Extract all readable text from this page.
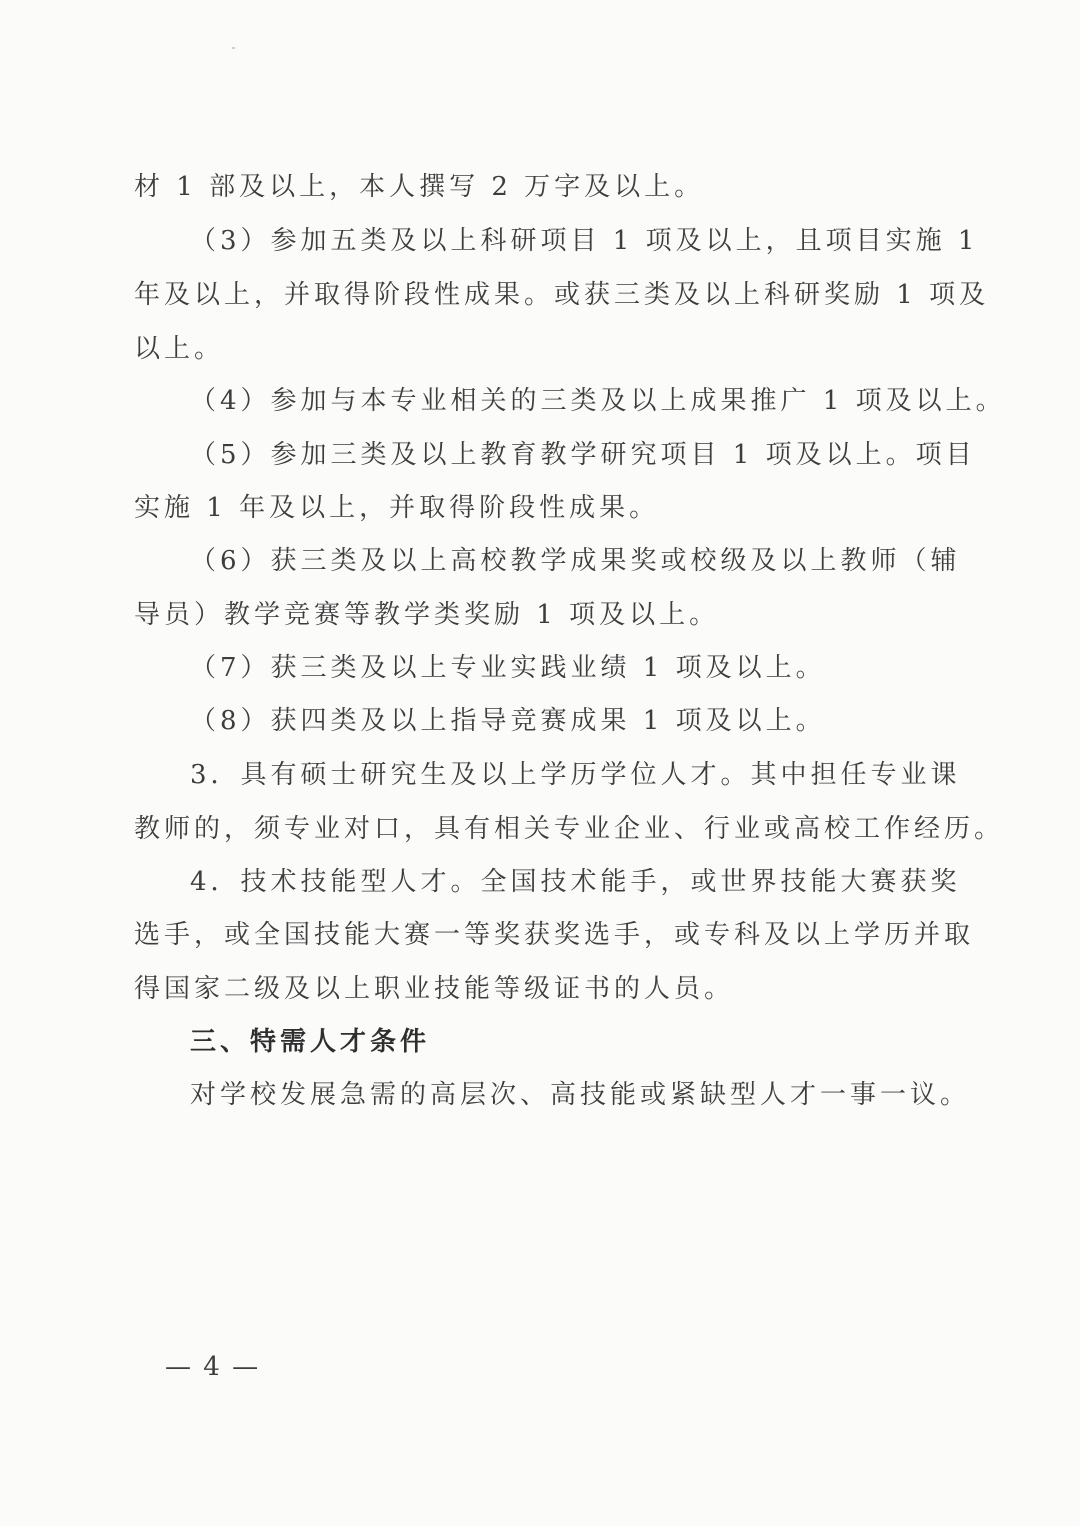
材 1 部及以上，本人撰写 2 万字及以上。
（3）参加五类及以上科研项目 1 项及以上，且项目实施 1
年及以上，并取得阶段性成果。或获三类及以上科研奖励 1 项及
以上。
（4）参加与本专业相关的三类及以上成果推广 1 项及以上。
（5）参加三类及以上教育教学研究项目 1 项及以上。项目
实施 1 年及以上，并取得阶段性成果。
（6）获三类及以上高校教学成果奖或校级及以上教师（辅
导员）教学竞赛等教学类奖励 1 项及以上。
（7）获三类及以上专业实践业绩 1 项及以上。
（8）获四类及以上指导竞赛成果 1 项及以上。
3．具有硕士研究生及以上学历学位人才。其中担任专业课
教师的，须专业对口，具有相关专业企业、行业或高校工作经历。
4．技术技能型人才。全国技术能手，或世界技能大赛获奖
选手，或全国技能大赛一等奖获奖选手，或专科及以上学历并取
得国家二级及以上职业技能等级证书的人员。
三、特需人才条件
对学校发展急需的高层次、高技能或紧缺型人才一事一议。
— 4 —
